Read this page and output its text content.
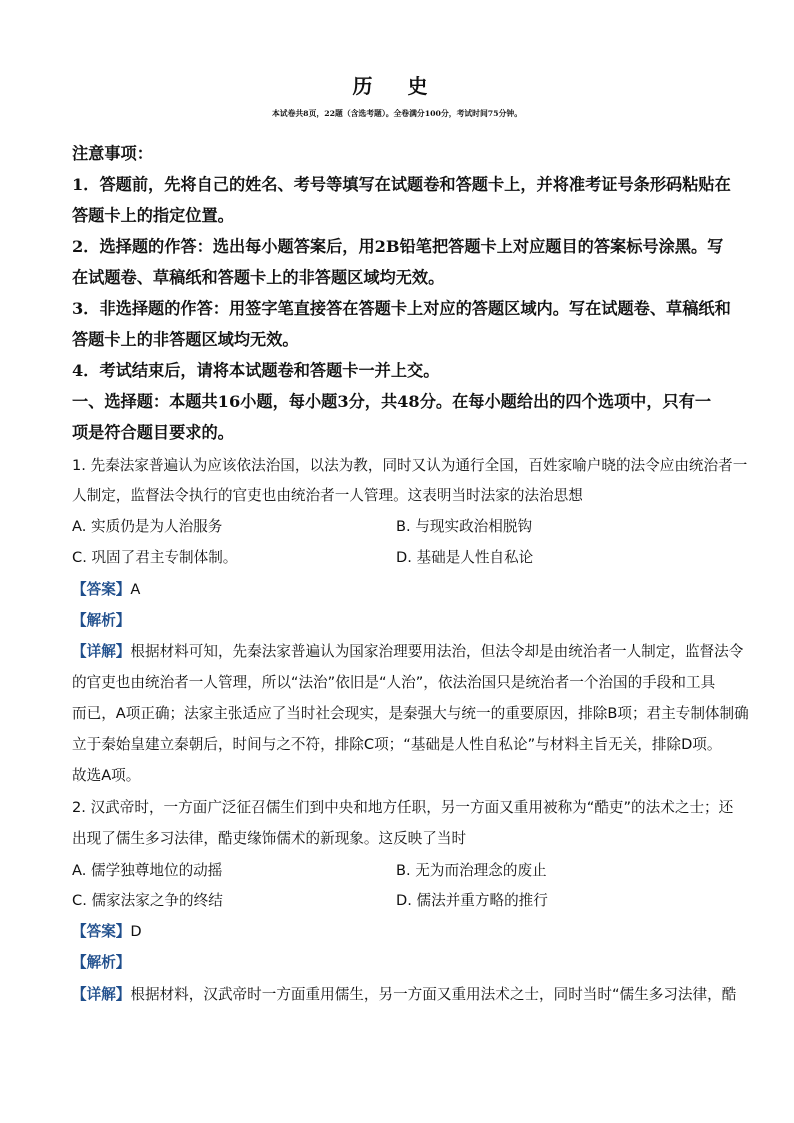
历 史
本试卷共8页，22题（含选考题）。全卷满分100分，考试时间75分钟。
注意事项：
1．答题前，先将自己的姓名、考号等填写在试题卷和答题卡上，并将准考证号条形码粘贴在
答题卡上的指定位置。
2．选择题的作答：选出每小题答案后，用2B铅笔把答题卡上对应题目的答案标号涂黑。写
在试题卷、草稿纸和答题卡上的非答题区域均无效。
3．非选择题的作答：用签字笔直接答在答题卡上对应的答题区域内。写在试题卷、草稿纸和
答题卡上的非答题区域均无效。
4．考试结束后，请将本试题卷和答题卡一并上交。
一、选择题：本题共16小题，每小题3分，共48分。在每小题给出的四个选项中，只有一
项是符合题目要求的。
1. 先秦法家普遍认为应该依法治国，以法为教，同时又认为通行全国，百姓家喻户晓的法令应由统治者一
人制定，监督法令执行的官吏也由统治者一人管理。这表明当时法家的法治思想
A. 实质仍是为人治服务	B. 与现实政治相脱钩
C. 巩固了君主专制体制。	D. 基础是人性自私论
【答案】A
【解析】
【详解】根据材料可知，先秦法家普遍认为国家治理要用法治，但法令却是由统治者一人制定，监督法令
的官吏也由统治者一人管理，所以“法治”依旧是“人治”，依法治国只是统治者一个治国的手段和工具
而已，A项正确；法家主张适应了当时社会现实，是秦强大与统一的重要原因，排除B项；君主专制体制确
立于秦始皇建立秦朝后，时间与之不符，排除C项；“基础是人性自私论”与材料主旨无关，排除D项。
故选A项。
2. 汉武帝时，一方面广泛征召儒生们到中央和地方任职，另一方面又重用被称为“酷吏”的法术之士；还
出现了儒生多习法律，酷吏缘饰儒术的新现象。这反映了当时
A. 儒学独尊地位的动摇	B. 无为而治理念的废止
C. 儒家法家之争的终结	D. 儒法并重方略的推行
【答案】D
【解析】
【详解】根据材料，汉武帝时一方面重用儒生，另一方面又重用法术之士，同时当时“儒生多习法律，酷
